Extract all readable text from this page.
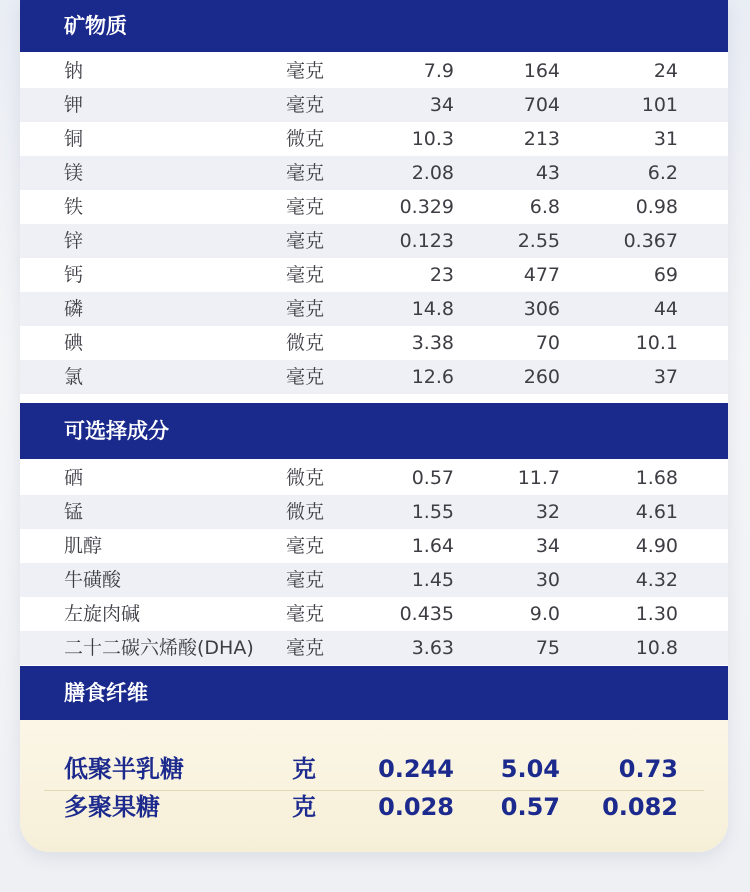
矿物质
钠	毫克	7.9	164	24
钾	毫克	34	704	101
铜	微克	10.3	213	31
镁	毫克	2.08	43	6.2
铁	毫克	0.329	6.8	0.98
锌	毫克	0.123	2.55	0.367
钙	毫克	23	477	69
磷	毫克	14.8	306	44
碘	微克	3.38	70	10.1
氯	毫克	12.6	260	37
可选择成分
硒	微克	0.57	11.7	1.68
锰	微克	1.55	32	4.61
肌醇	毫克	1.64	34	4.90
牛磺酸	毫克	1.45	30	4.32
左旋肉碱	毫克	0.435	9.0	1.30
二十二碳六烯酸(DHA) 毫克	3.63	75	10.8
膳食纤维
低聚半乳糖	克	0.244 5.04 0.73
多聚果糖	克	0.028 0.57 0.082
